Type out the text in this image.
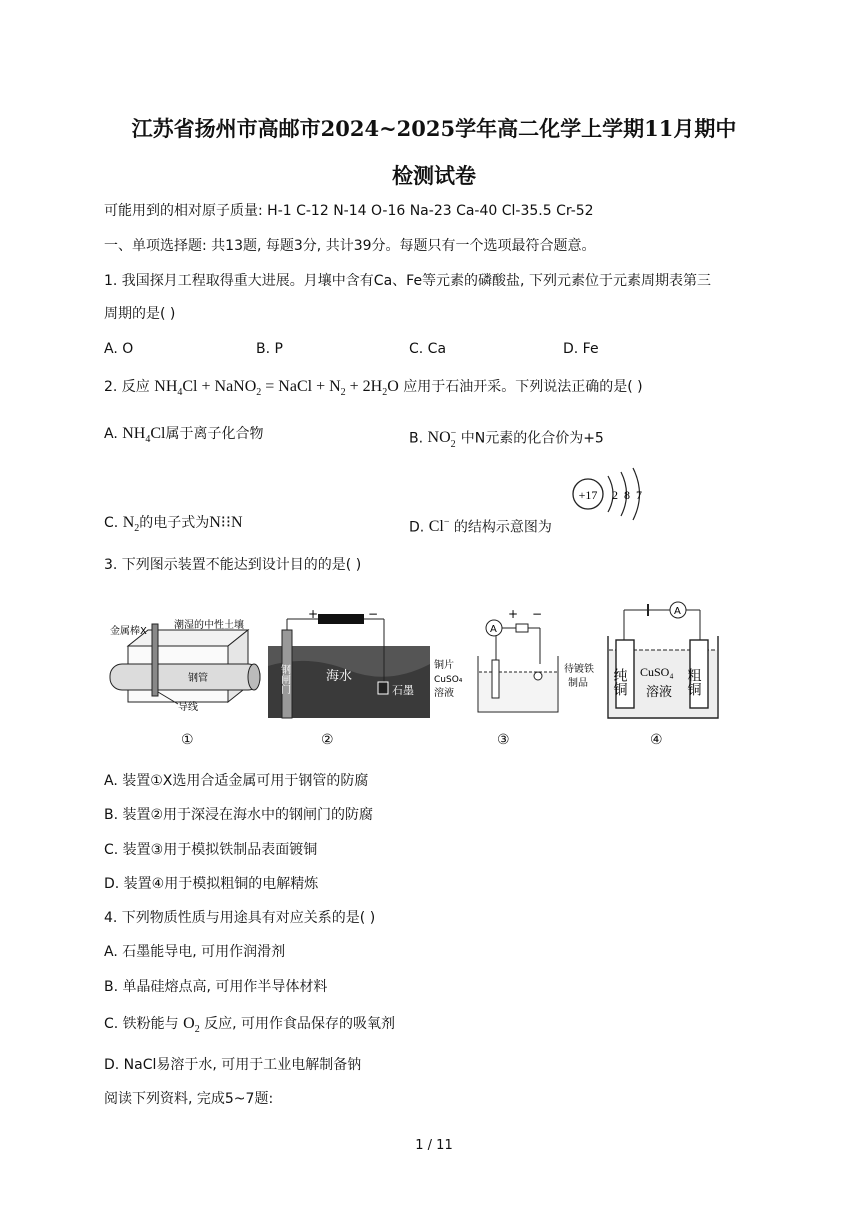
江苏省扬州市高邮市2024~2025学年高二化学上学期11月期中
检测试卷
可能用到的相对原子质量: H-1 C-12 N-14 O-16 Na-23 Ca-40 Cl-35.5 Cr-52
一、单项选择题: 共13题, 每题3分, 共计39分。每题只有一个选项最符合题意。
1. 我国探月工程取得重大进展。月壤中含有Ca、Fe等元素的磷酸盐, 下列元素位于元素周期表第三
周期的是( )
A. O	B. P	C. Ca	D. Fe
2. 反应 $NH_4Cl$ + NaNO$_2$ = NaCl + $N_2 + 2H_2O$ 应用于石油开采。下列说法正确的是( )
A. $NH_4Cl$属于离子化合物	B. $NO_2^-$ 中N元素的化合价为+5
C. $N_2$的电子式为N⁝⁝N	D. Cl− 的结构示意图为
+17 2 8 7
3. 下列图示装置不能达到设计目的的是( )
金属棒X
潮湿的中性土壤
钢管
导线
+	−
钢闸门	海水
石墨
A
+ −
铜片
CuSO₄
溶液
待镀铁
制品
A
纯铜	粗铜
CuSO₄
溶液
①	②	③	④
A. 装置①X选用合适金属可用于钢管的防腐
B. 装置②用于深浸在海水中的钢闸门的防腐
C. 装置③用于模拟铁制品表面镀铜
D. 装置④用于模拟粗铜的电解精炼
4. 下列物质性质与用途具有对应关系的是( )
A. 石墨能导电, 可用作润滑剂
B. 单晶硅熔点高, 可用作半导体材料
C. 铁粉能与 $O_2$ 反应, 可用作食品保存的吸氧剂
D. NaCl易溶于水, 可用于工业电解制备钠
阅读下列资料, 完成5~7题:
1 / 11
